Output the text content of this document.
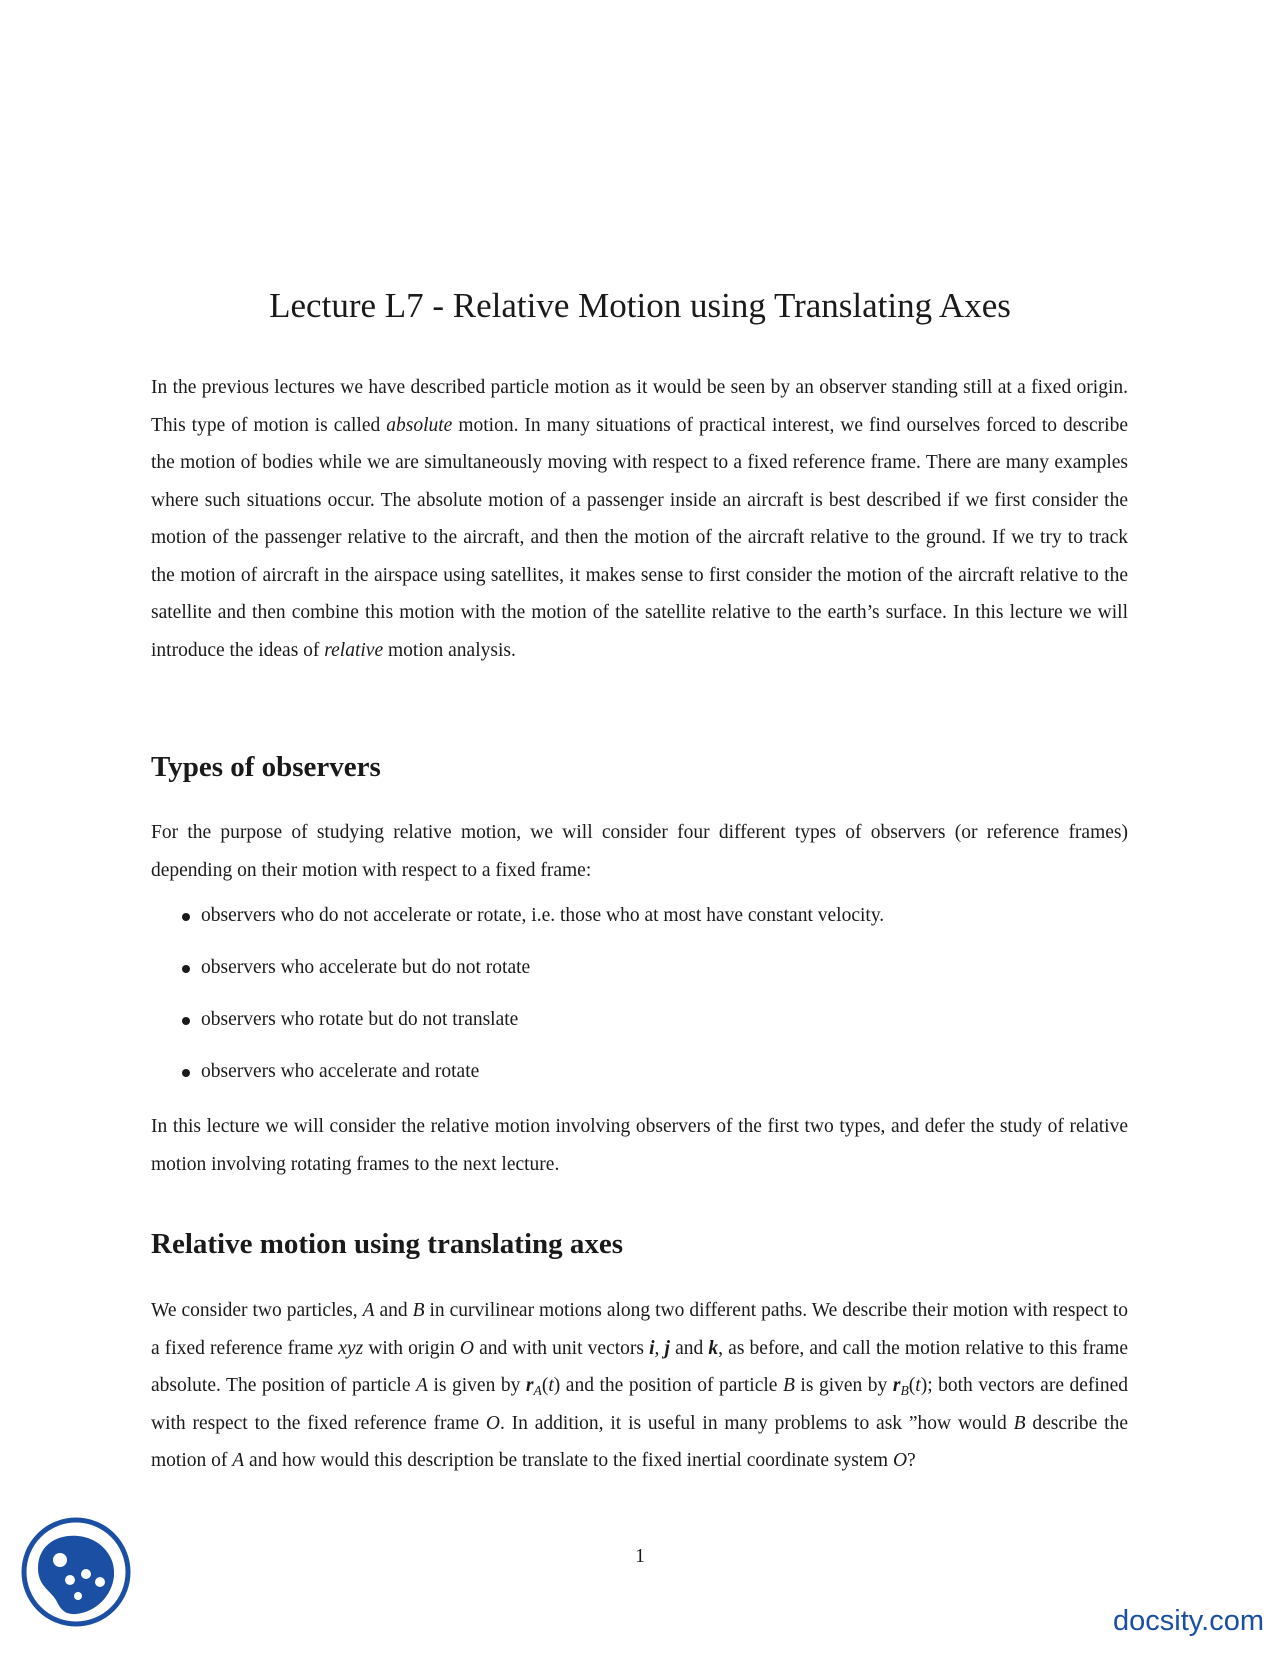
Lecture L7 - Relative Motion using Translating Axes

In the previous lectures we have described particle motion as it would be seen by an observer standing still at a fixed origin. This type of motion is called absolute motion. In many situations of practical interest, we find ourselves forced to describe the motion of bodies while we are simultaneously moving with respect to a fixed reference frame. There are many examples where such situations occur. The absolute motion of a passenger inside an aircraft is best described if we first consider the motion of the passenger relative to the aircraft, and then the motion of the aircraft relative to the ground. If we try to track the motion of aircraft in the airspace using satellites, it makes sense to first consider the motion of the aircraft relative to the satellite and then combine this motion with the motion of the satellite relative to the earth’s surface. In this lecture we will introduce the ideas of relative motion analysis.

Types of observers

For the purpose of studying relative motion, we will consider four different types of observers (or reference frames) depending on their motion with respect to a fixed frame:

observers who do not accelerate or rotate, i.e. those who at most have constant velocity.
observers who accelerate but do not rotate
observers who rotate but do not translate
observers who accelerate and rotate

In this lecture we will consider the relative motion involving observers of the first two types, and defer the study of relative motion involving rotating frames to the next lecture.

Relative motion using translating axes

We consider two particles, A and B in curvilinear motions along two different paths. We describe their motion with respect to a fixed reference frame xyz with origin O and with unit vectors i, j and k, as before, and call the motion relative to this frame absolute. The position of particle A is given by $r_A(t)$ and the position of particle B is given by $r_B(t)$; both vectors are defined with respect to the fixed reference frame O. In addition, it is useful in many problems to ask ”how would B describe the motion of A and how would this description be translate to the fixed inertial coordinate system O?

1
docsity.com
